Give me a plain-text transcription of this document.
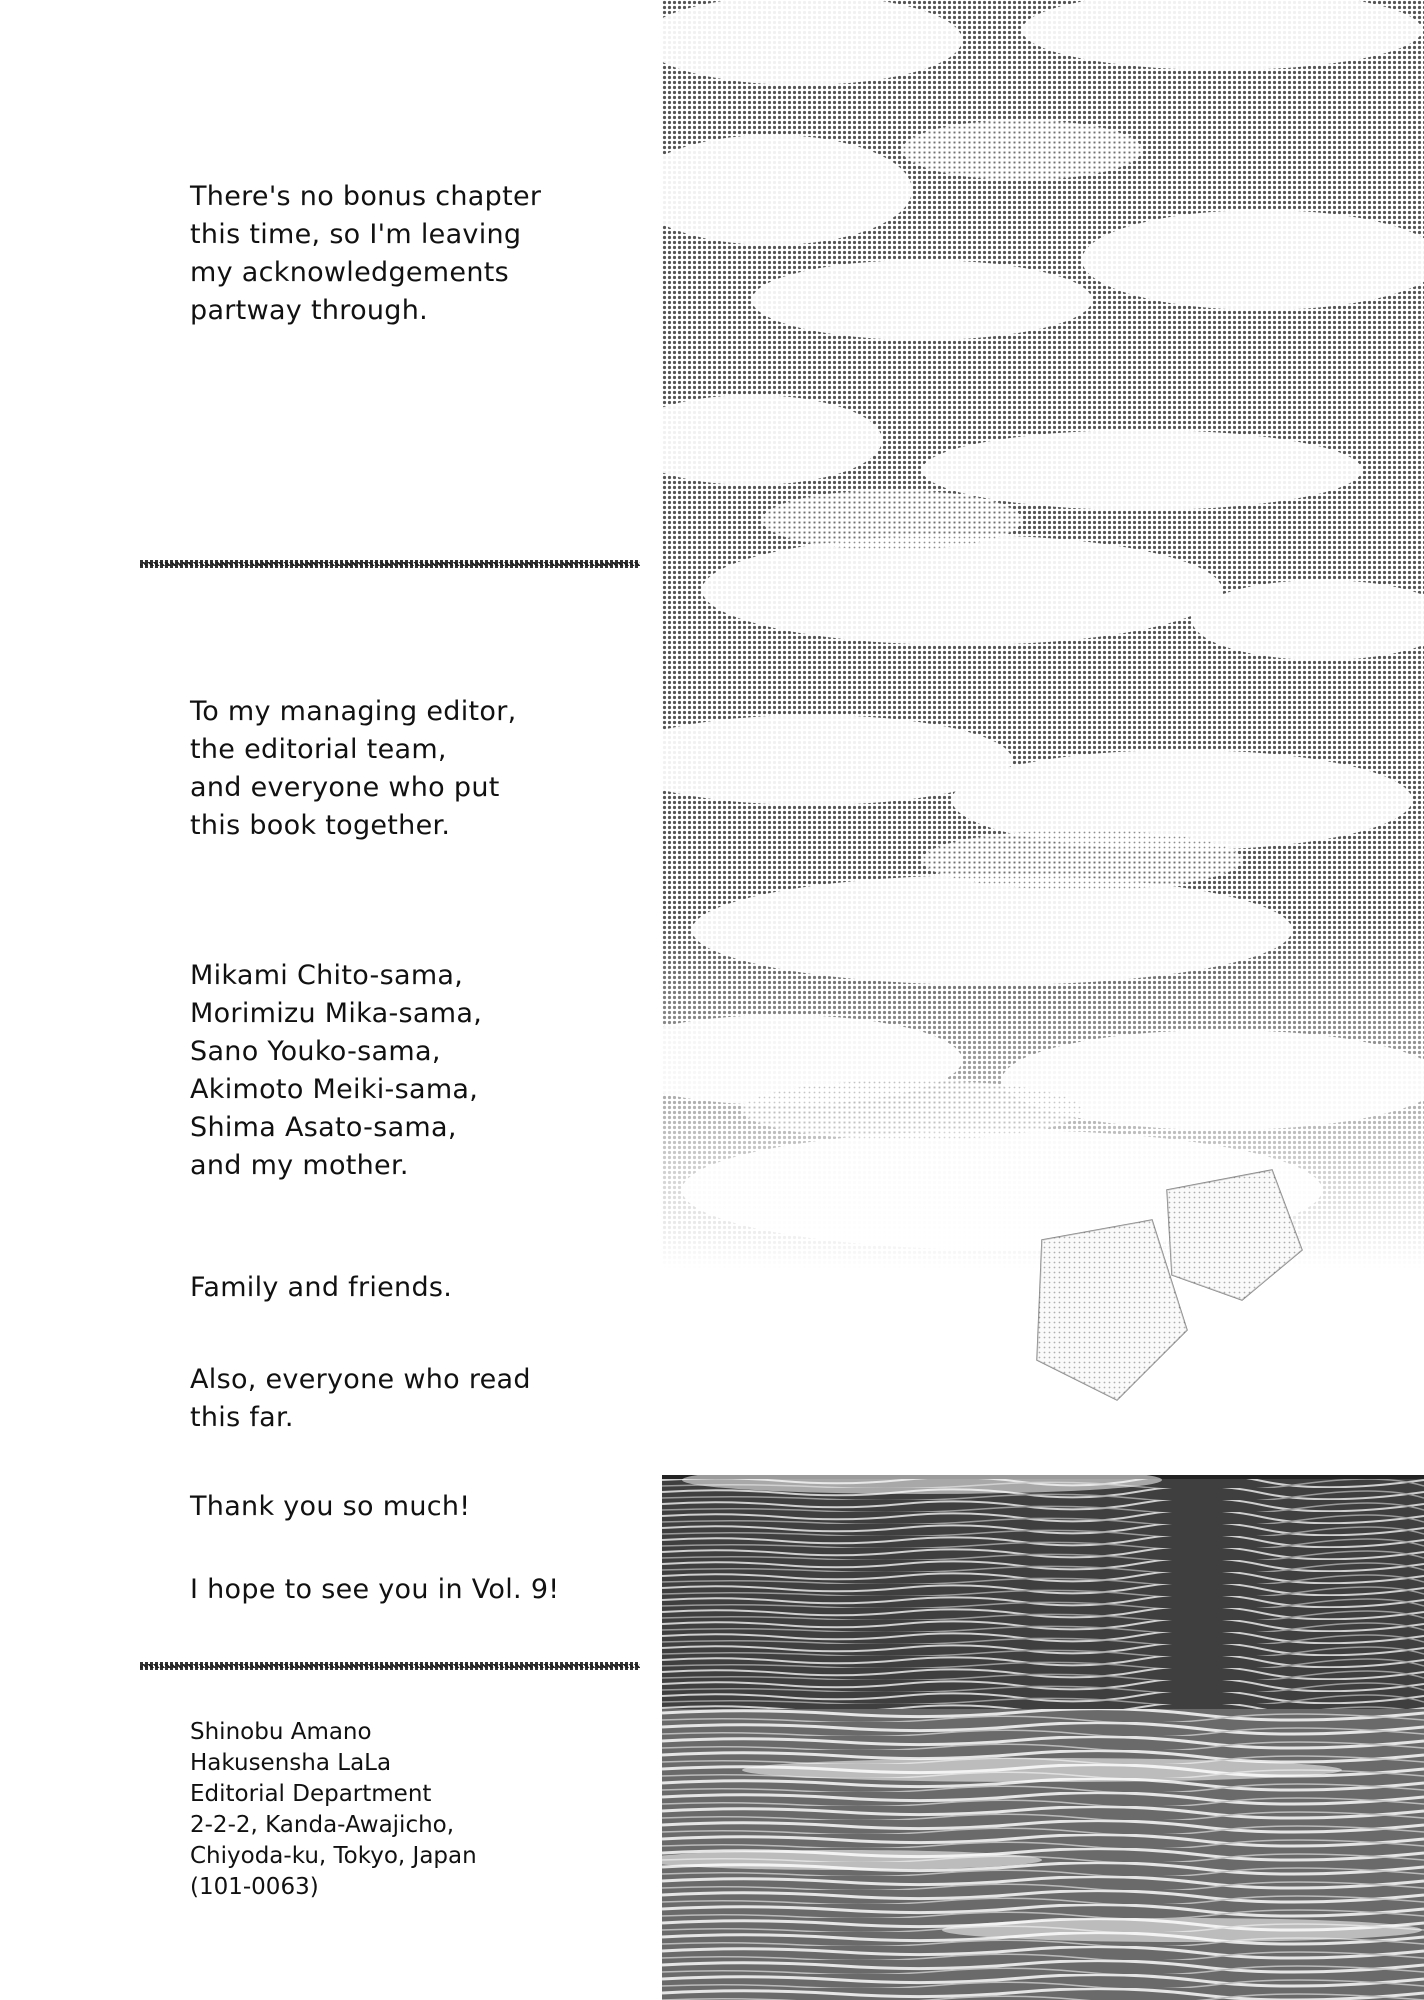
There's no bonus chapter

this time, so I'm leaving

my acknowledgements

partway through.

To my managing editor,

the editorial team,

and everyone who put

this book together.

Mikami Chito-sama,

Morimizu Mika-sama,

Sano Youko-sama,

Akimoto Meiki-sama,

Shima Asato-sama,

and my mother.

Family and friends.

Also, everyone who read

this far.

Thank you so much!

I hope to see you in Vol. 9!

Shinobu Amano

Hakusensha LaLa

Editorial Department

2-2-2, Kanda-Awajicho,

Chiyoda-ku, Tokyo, Japan

(101-0063)
